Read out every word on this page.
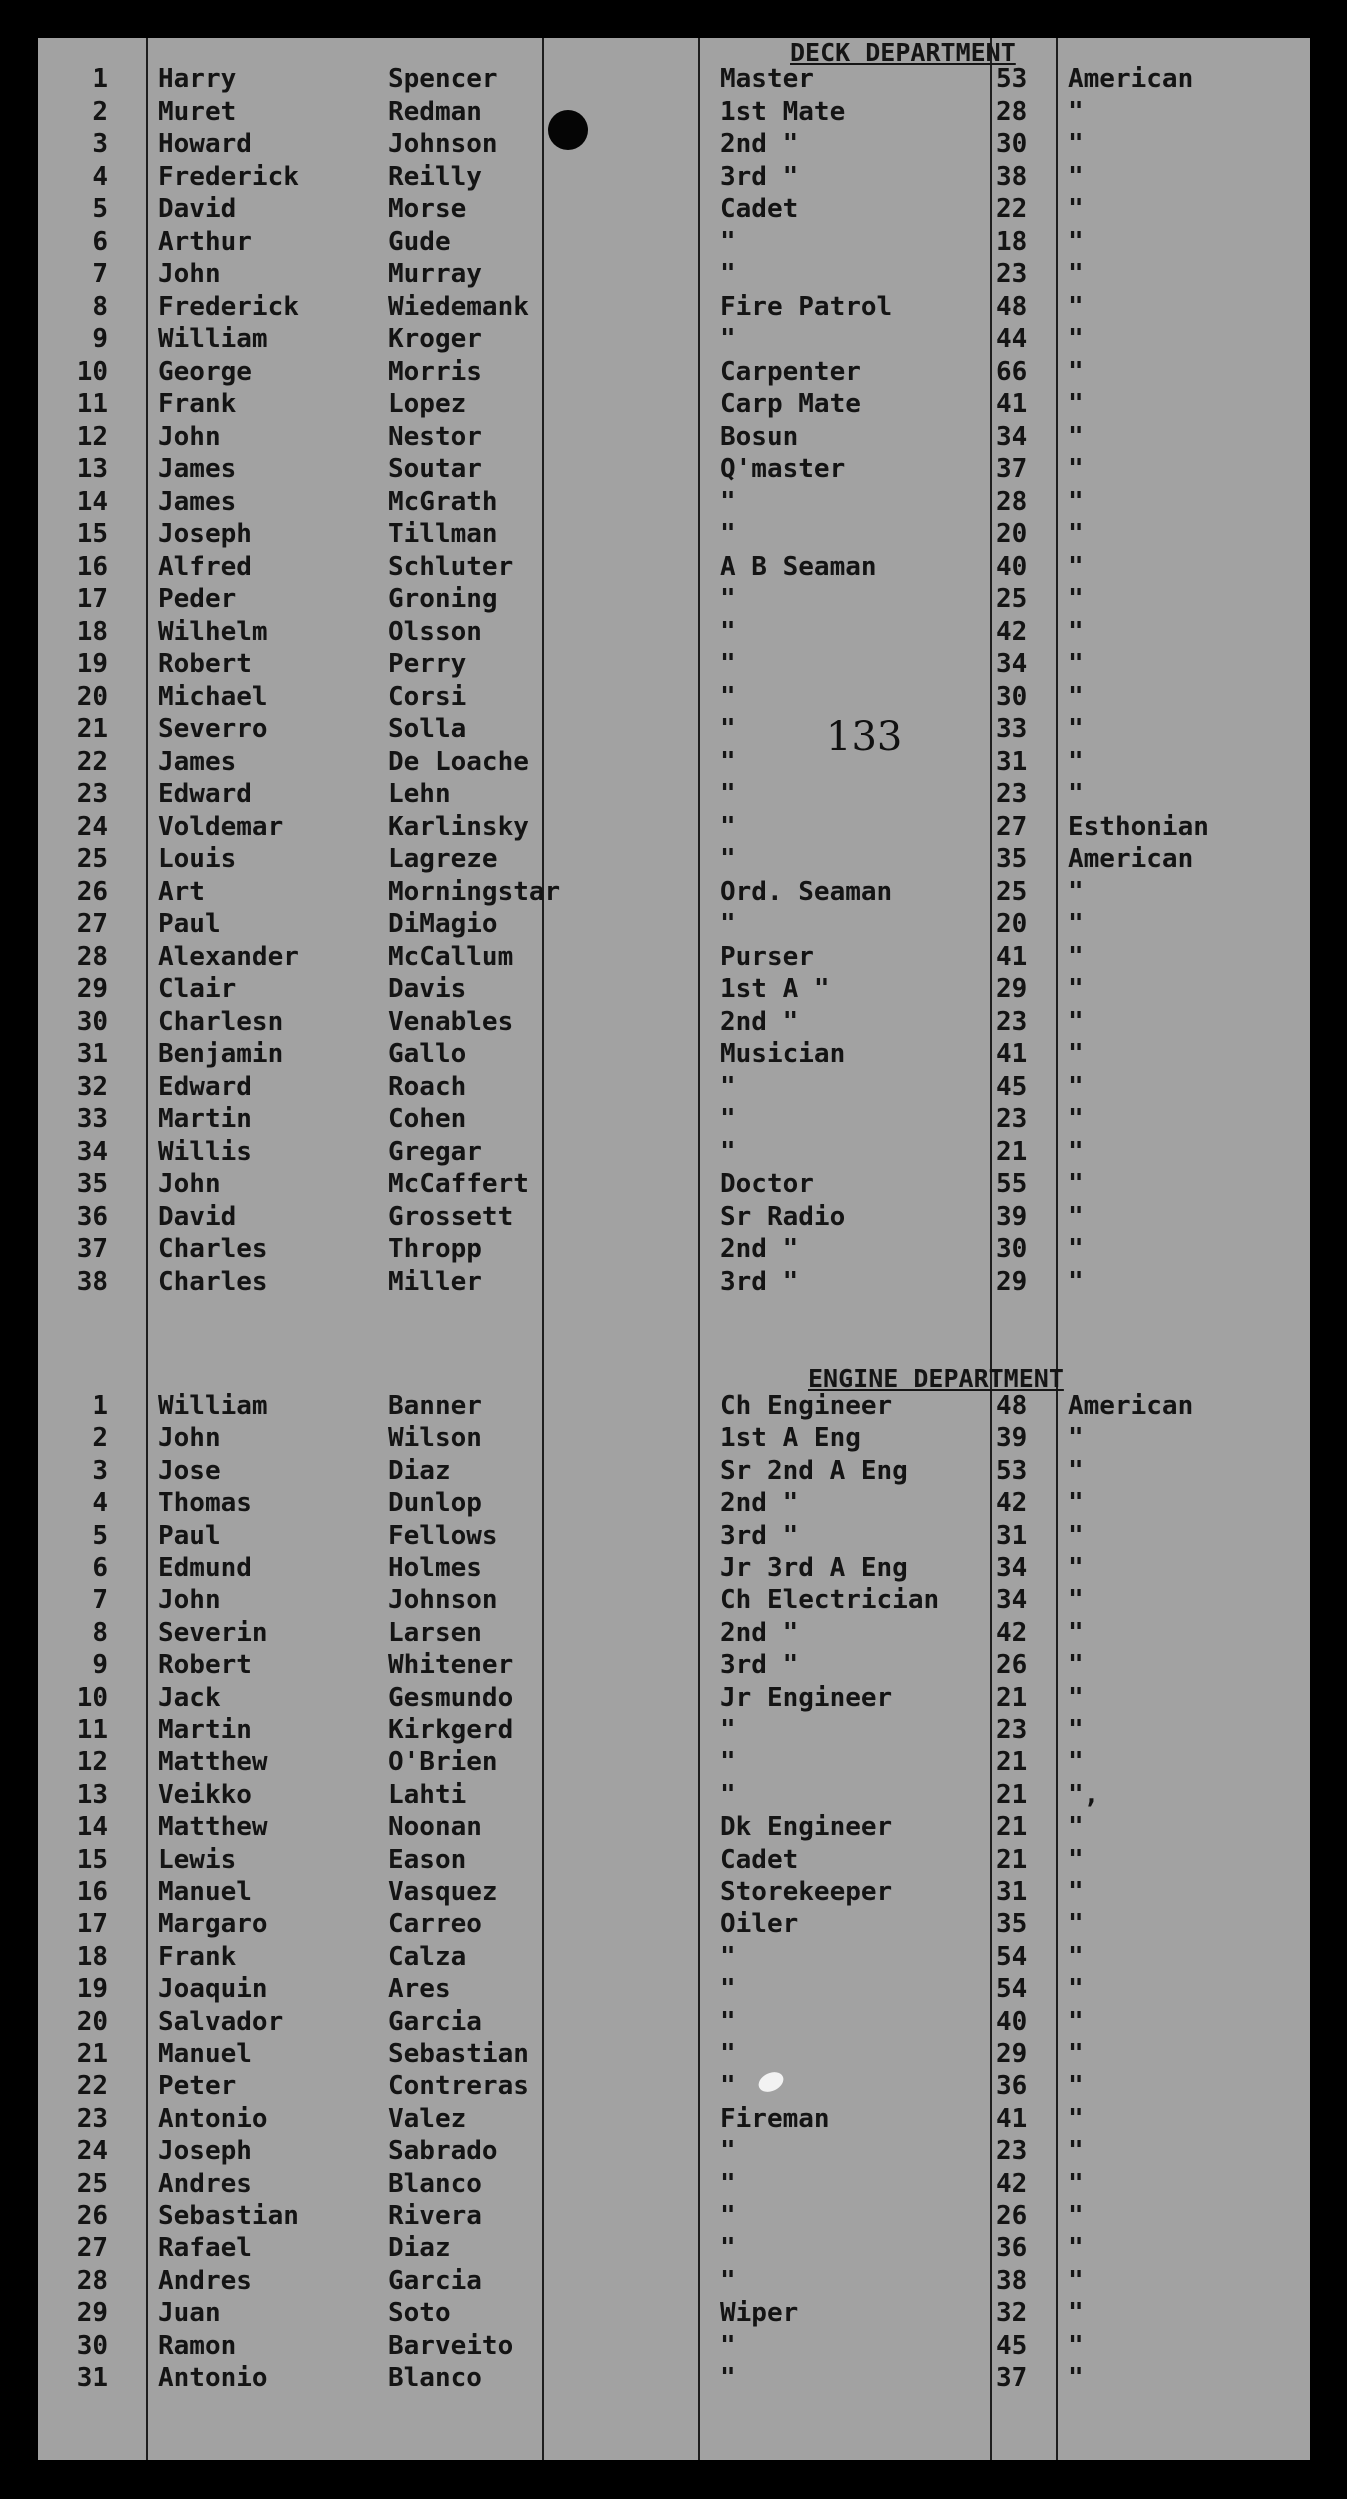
DECK DEPARTMENT
ENGINE DEPARTMENT
133
1 Harry	Spencer	Master	53 American
2 Muret	Redman	1st Mate	28 "
3 Howard	Johnson	2nd "	30 "
4 Frederick	Reilly	3rd "	38 "
5 David	Morse	Cadet	22 "
6 Arthur	Gude	"	18 "
7 John	Murray	"	23 "
8 Frederick	Wiedemank	Fire Patrol	48 "
9 William	Kroger	"	44 "
10 George	Morris	Carpenter	66 "
11 Frank	Lopez	Carp Mate	41 "
12 John	Nestor	Bosun	34 "
13 James	Soutar	Q'master	37 "
14 James	McGrath	"	28 "
15 Joseph	Tillman	"	20 "
16 Alfred	Schluter	A B Seaman	40 "
17 Peder	Groning	"	25 "
18 Wilhelm	Olsson	"	42 "
19 Robert	Perry	"	34 "
20 Michael	Corsi	"	30 "
21 Severro	Solla	"	33 "
22 James	De Loache	"	31 "
23 Edward	Lehn	"	23 "
24 Voldemar	Karlinsky	"	27 Esthonian
25 Louis	Lagreze	"	35 American
26 Art	Morningstar	Ord. Seaman	25 "
27 Paul	DiMagio	"	20 "
28 Alexander	McCallum	Purser	41 "
29 Clair	Davis	1st A "	29 "
30 Charlesn	Venables	2nd "	23 "
31 Benjamin	Gallo	Musician	41 "
32 Edward	Roach	"	45 "
33 Martin	Cohen	"	23 "
34 Willis	Gregar	"	21 "
35 John	McCaffert	Doctor	55 "
36 David	Grossett	Sr Radio	39 "
37 Charles	Thropp	2nd "	30 "
38 Charles	Miller	3rd "	29 "
1 William	Banner	Ch Engineer	48 American
2 John	Wilson	1st A Eng	39 "
3 Jose	Diaz	Sr 2nd A Eng	53 "
4 Thomas	Dunlop	2nd "	42 "
5 Paul	Fellows	3rd "	31 "
6 Edmund	Holmes	Jr 3rd A Eng	34 "
7 John	Johnson	Ch Electrician 34 "
8 Severin	Larsen	2nd "	42 "
9 Robert	Whitener	3rd "	26 "
10 Jack	Gesmundo	Jr Engineer	21 "
11 Martin	Kirkgerd	"	23 "
12 Matthew	O'Brien	"	21 "
13 Veikko	Lahti	"	21 ",
14 Matthew	Noonan	Dk Engineer	21 "
15 Lewis	Eason	Cadet	21 "
16 Manuel	Vasquez	Storekeeper	31 "
17 Margaro	Carreo	Oiler	35 "
18 Frank	Calza	"	54 "
19 Joaquin	Ares	"	54 "
20 Salvador	Garcia	"	40 "
21 Manuel	Sebastian	"	29 "
22 Peter	Contreras	"	36 "
23 Antonio	Valez	Fireman	41 "
24 Joseph	Sabrado	"	23 "
25 Andres	Blanco	"	42 "
26 Sebastian	Rivera	"	26 "
27 Rafael	Diaz	"	36 "
28 Andres	Garcia	"	38 "
29 Juan	Soto	Wiper	32 "
30 Ramon	Barveito	"	45 "
31 Antonio	Blanco	"	37 "
